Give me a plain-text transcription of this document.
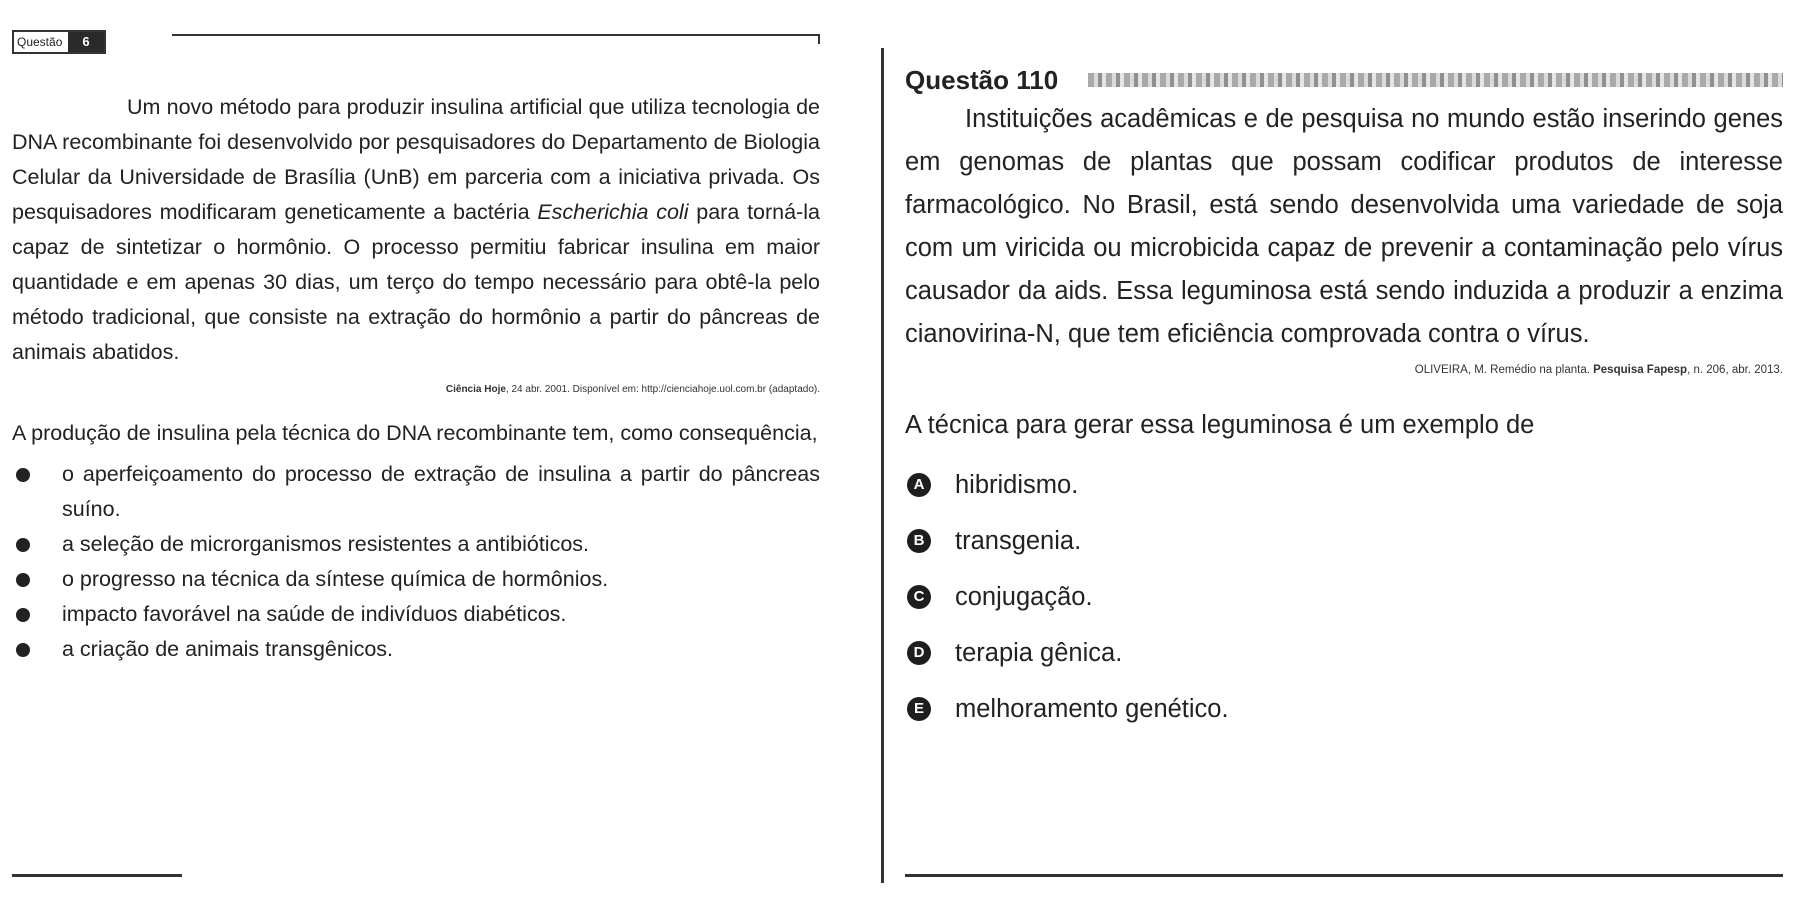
Questão	6

Um novo método para produzir insulina artificial que utiliza tecnologia de DNA recombinante foi desenvolvido por pesquisadores do Departamento de Biologia Celular da Universidade de Brasília (UnB) em parceria com a iniciativa privada. Os pesquisadores modificaram geneticamente a bactéria Escherichia coli para torná-la capaz de sintetizar o hormônio. O processo permitiu fabricar insulina em maior quantidade e em apenas 30 dias, um terço do tempo necessário para obtê-la pelo método tradicional, que consiste na extração do hormônio a partir do pâncreas de animais abatidos.

Ciência Hoje, 24 abr. 2001. Disponível em: http://cienciahoje.uol.com.br (adaptado).

A produção de insulina pela técnica do DNA recombinante tem, como consequência,

o aperfeiçoamento do processo de extração de insulina a partir do pâncreas suíno.
a seleção de microrganismos resistentes a antibióticos.
o progresso na técnica da síntese química de hormônios.
impacto favorável na saúde de indivíduos diabéticos.
a criação de animais transgênicos.
Questão 110

Instituições acadêmicas e de pesquisa no mundo estão inserindo genes em genomas de plantas que possam codificar produtos de interesse farmacológico. No Brasil, está sendo desenvolvida uma variedade de soja com um viricida ou microbicida capaz de prevenir a contaminação pelo vírus causador da aids. Essa leguminosa está sendo induzida a produzir a enzima cianovirina-N, que tem eficiência comprovada contra o vírus.

OLIVEIRA, M. Remédio na planta. Pesquisa Fapesp, n. 206, abr. 2013.

A técnica para gerar essa leguminosa é um exemplo de

A hibridismo.
B transgenia.
C conjugação.
D terapia gênica.
E melhoramento genético.
